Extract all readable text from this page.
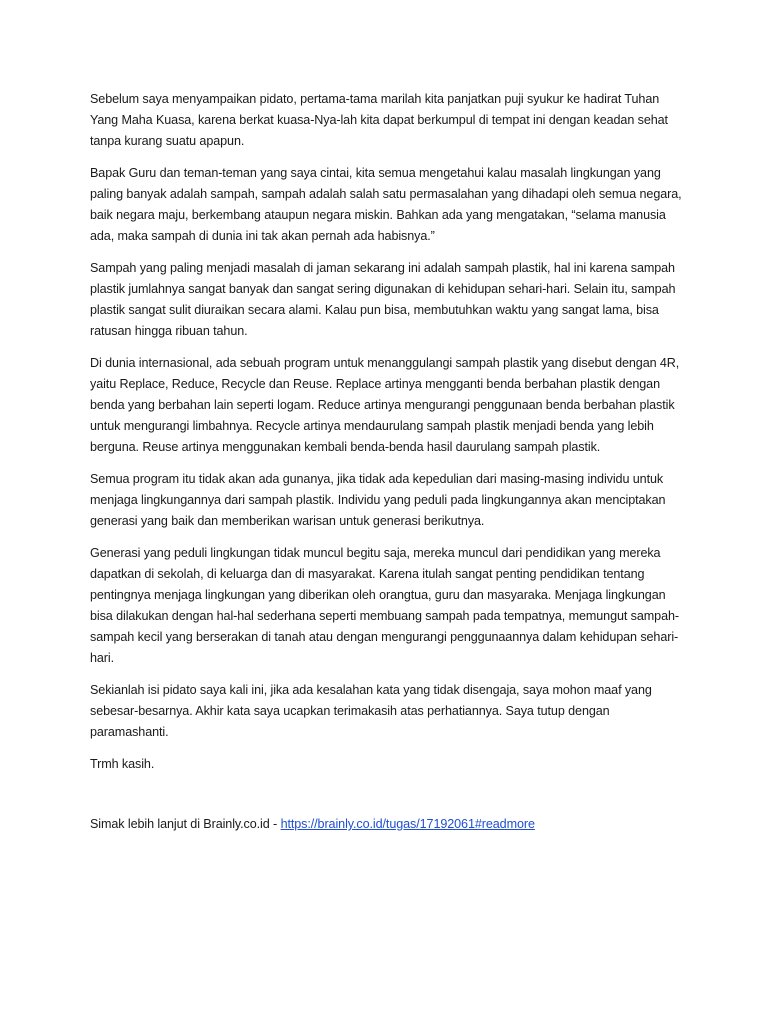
Sebelum saya menyampaikan pidato, pertama-tama marilah kita panjatkan puji syukur ke hadirat Tuhan Yang Maha Kuasa, karena berkat kuasa-Nya-lah kita dapat berkumpul di tempat ini dengan keadan sehat tanpa kurang suatu apapun.

Bapak Guru dan teman-teman yang saya cintai, kita semua mengetahui kalau masalah lingkungan yang paling banyak adalah sampah, sampah adalah salah satu permasalahan yang dihadapi oleh semua negara, baik negara maju, berkembang ataupun negara miskin. Bahkan ada yang mengatakan, “selama manusia ada, maka sampah di dunia ini tak akan pernah ada habisnya.”

Sampah yang paling menjadi masalah di jaman sekarang ini adalah sampah plastik, hal ini karena sampah plastik jumlahnya sangat banyak dan sangat sering digunakan di kehidupan sehari-hari. Selain itu, sampah plastik sangat sulit diuraikan secara alami. Kalau pun bisa, membutuhkan waktu yang sangat lama, bisa ratusan hingga ribuan tahun.

Di dunia internasional, ada sebuah program untuk menanggulangi sampah plastik yang disebut dengan 4R, yaitu Replace, Reduce, Recycle dan Reuse. Replace artinya mengganti benda berbahan plastik dengan benda yang berbahan lain seperti logam. Reduce artinya mengurangi penggunaan benda berbahan plastik untuk mengurangi limbahnya. Recycle artinya mendaurulang sampah plastik menjadi benda yang lebih berguna. Reuse artinya menggunakan kembali benda-benda hasil daurulang sampah plastik.

Semua program itu tidak akan ada gunanya, jika tidak ada kepedulian dari masing-masing individu untuk menjaga lingkungannya dari sampah plastik. Individu yang peduli pada lingkungannya akan menciptakan generasi yang baik dan memberikan warisan untuk generasi berikutnya.

Generasi yang peduli lingkungan tidak muncul begitu saja, mereka muncul dari pendidikan yang mereka dapatkan di sekolah, di keluarga dan di masyarakat. Karena itulah sangat penting pendidikan tentang pentingnya menjaga lingkungan yang diberikan oleh orangtua, guru dan masyaraka. Menjaga lingkungan bisa dilakukan dengan hal-hal sederhana seperti membuang sampah pada tempatnya, memungut sampah-sampah kecil yang berserakan di tanah atau dengan mengurangi penggunaannya dalam kehidupan sehari-hari.

Sekianlah isi pidato saya kali ini, jika ada kesalahan kata yang tidak disengaja, saya mohon maaf yang sebesar-besarnya. Akhir kata saya ucapkan terimakasih atas perhatiannya. Saya tutup dengan paramashanti.

Trmh kasih.

Simak lebih lanjut di Brainly.co.id - https://brainly.co.id/tugas/17192061#readmore
